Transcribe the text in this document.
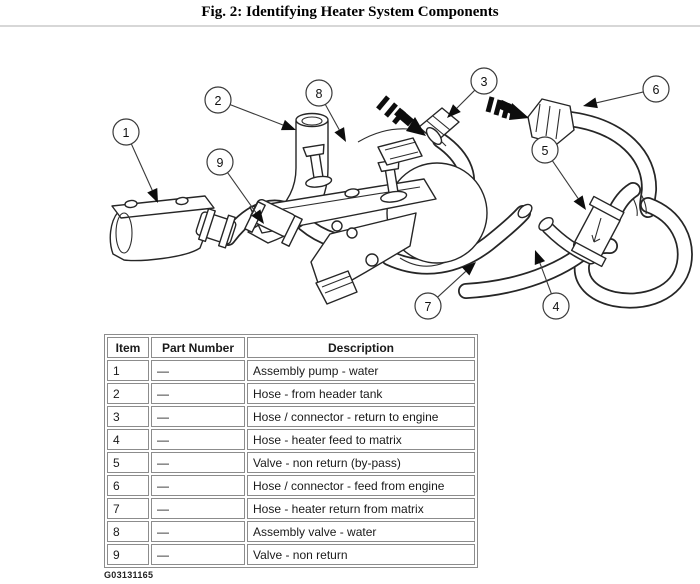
Fig. 2: Identifying Heater System Components
1
2
3
4
5
6
7
8
9
Item	Part Number	Description
1	—	Assembly pump - water
2	—	Hose - from header tank
3	—	Hose / connector - return to engine
4	—	Hose - heater feed to matrix
5	—	Valve - non return (by-pass)
6	—	Hose / connector - feed from engine
7	—	Hose - heater return from matrix
8	—	Assembly valve - water
9	—	Valve - non return
G03131165
